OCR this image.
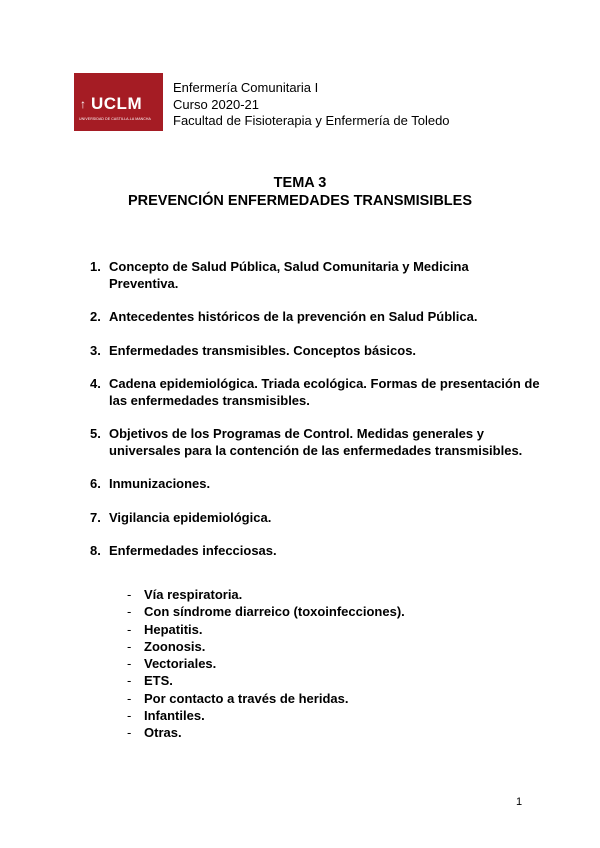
↑ UCLM
UNIVERSIDAD DE CASTILLA-LA MANCHA
Enfermería Comunitaria I
Curso 2020-21
Facultad de Fisioterapia y Enfermería de Toledo
TEMA 3
PREVENCIÓN ENFERMEDADES TRANSMISIBLES
1. Concepto de Salud Pública, Salud Comunitaria y Medicina Preventiva.
2. Antecedentes históricos de la prevención en Salud Pública.
3. Enfermedades transmisibles. Conceptos básicos.
4. Cadena epidemiológica. Triada ecológica. Formas de presentación de las enfermedades transmisibles.
5. Objetivos de los Programas de Control. Medidas generales y universales para la contención de las enfermedades transmisibles.
6. Inmunizaciones.
7. Vigilancia epidemiológica.
8. Enfermedades infecciosas.
- Vía respiratoria.
- Con síndrome diarreico (toxoinfecciones).
- Hepatitis.
- Zoonosis.
- Vectoriales.
- ETS.
- Por contacto a través de heridas.
- Infantiles.
- Otras.
1
